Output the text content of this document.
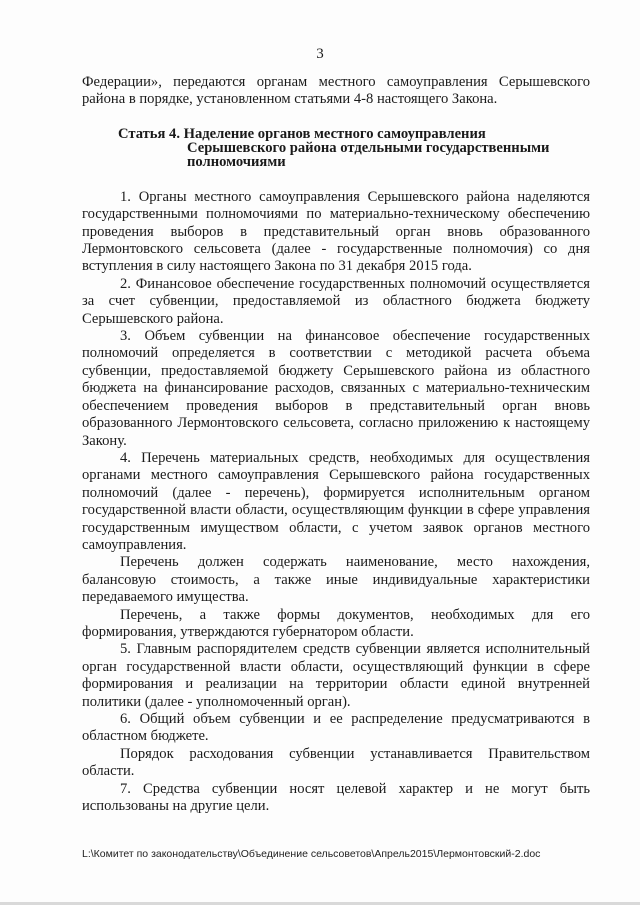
3

Федерации», передаются органам местного самоуправления Серышевского района в порядке, установленном статьями 4-8 настоящего Закона.

Статья 4. Наделение органов местного самоуправления
Серышевского района отдельными государственными
полномочиями

1. Органы местного самоуправления Серышевского района наделяются государственными полномочиями по материально-техническому обеспечению проведения выборов в представительный орган вновь образованного Лермонтовского сельсовета (далее - государственные полномочия) со дня вступления в силу настоящего Закона по 31 декабря 2015 года.

2. Финансовое обеспечение государственных полномочий осуществляется за счет субвенции, предоставляемой из областного бюджета бюджету Серышевского района.

3. Объем субвенции на финансовое обеспечение государственных полномочий определяется в соответствии с методикой расчета объема субвенции, предоставляемой бюджету Серышевского района из областного бюджета на финансирование расходов, связанных с материально-техническим обеспечением проведения выборов в представительный орган вновь образованного Лермонтовского сельсовета, согласно приложению к настоящему Закону.

4. Перечень материальных средств, необходимых для осуществления органами местного самоуправления Серышевского района государственных полномочий (далее - перечень), формируется исполнительным органом государственной власти области, осуществляющим функции в сфере управления государственным имуществом области, с учетом заявок органов местного самоуправления.

Перечень должен содержать наименование, место нахождения, балансовую стоимость, а также иные индивидуальные характеристики передаваемого имущества.

Перечень, а также формы документов, необходимых для его формирования, утверждаются губернатором области.

5. Главным распорядителем средств субвенции является исполнительный орган государственной власти области, осуществляющий функции в сфере формирования и реализации на территории области единой внутренней политики (далее - уполномоченный орган).

6. Общий объем субвенции и ее распределение предусматриваются в областном бюджете.

Порядок расходования субвенции устанавливается Правительством области.

7. Средства субвенции носят целевой характер и не могут быть использованы на другие цели.

L:\Комитет по законодательству\Объединение сельсоветов\Апрель2015\Лермонтовский-2.doc
